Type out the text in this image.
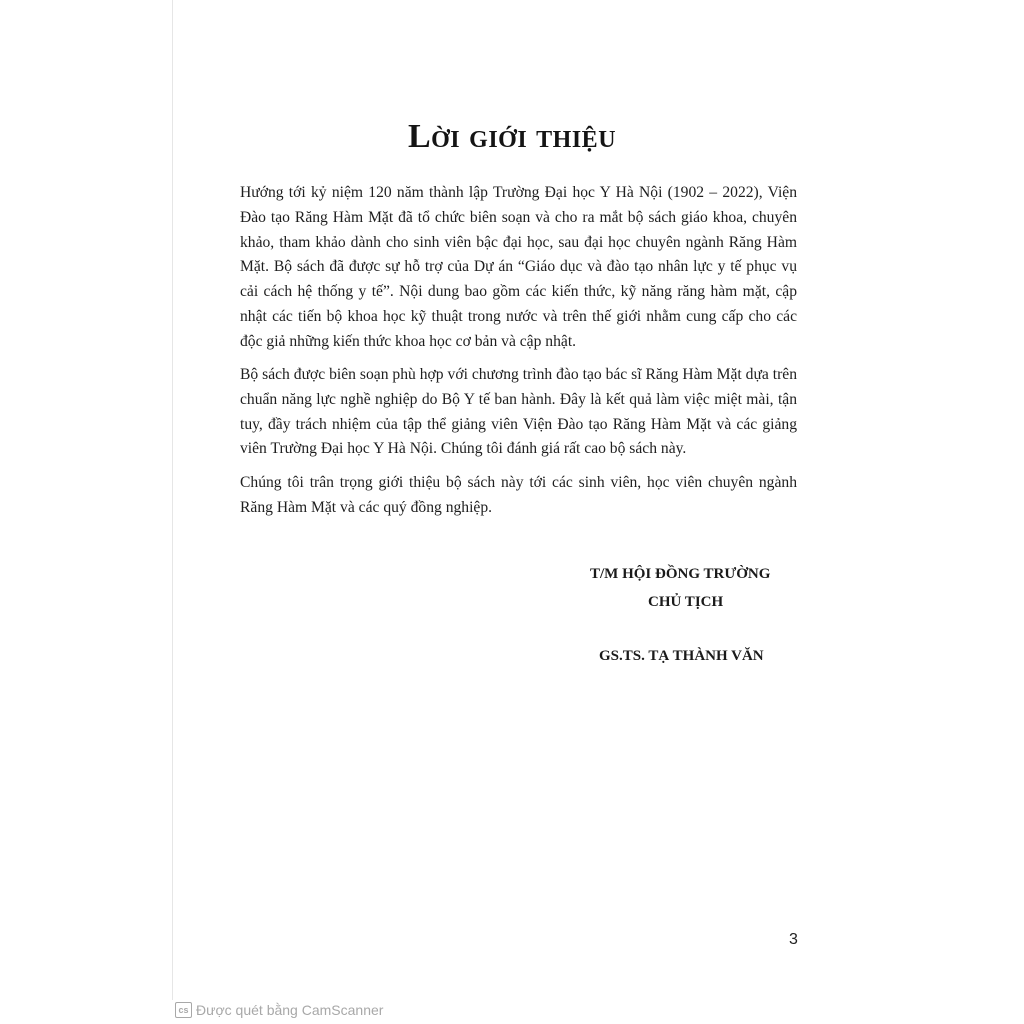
Lời giới thiệu

Hướng tới kỷ niệm 120 năm thành lập Trường Đại học Y Hà Nội (1902 – 2022), Viện Đào tạo Răng Hàm Mặt đã tổ chức biên soạn và cho ra mắt bộ sách giáo khoa, chuyên khảo, tham khảo dành cho sinh viên bậc đại học, sau đại học chuyên ngành Răng Hàm Mặt. Bộ sách đã được sự hỗ trợ của Dự án “Giáo dục và đào tạo nhân lực y tế phục vụ cải cách hệ thống y tế”. Nội dung bao gồm các kiến thức, kỹ năng răng hàm mặt, cập nhật các tiến bộ khoa học kỹ thuật trong nước và trên thế giới nhằm cung cấp cho các độc giả những kiến thức khoa học cơ bản và cập nhật.

Bộ sách được biên soạn phù hợp với chương trình đào tạo bác sĩ Răng Hàm Mặt dựa trên chuẩn năng lực nghề nghiệp do Bộ Y tế ban hành. Đây là kết quả làm việc miệt mài, tận tuy, đầy trách nhiệm của tập thể giảng viên Viện Đào tạo Răng Hàm Mặt và các giảng viên Trường Đại học Y Hà Nội. Chúng tôi đánh giá rất cao bộ sách này.

Chúng tôi trân trọng giới thiệu bộ sách này tới các sinh viên, học viên chuyên ngành Răng Hàm Mặt và các quý đồng nghiệp.

T/M HỘI ĐỒNG TRƯỜNG
CHỦ TỊCH
GS.TS. TẠ THÀNH VĂN
3
cs Được quét bằng CamScanner
